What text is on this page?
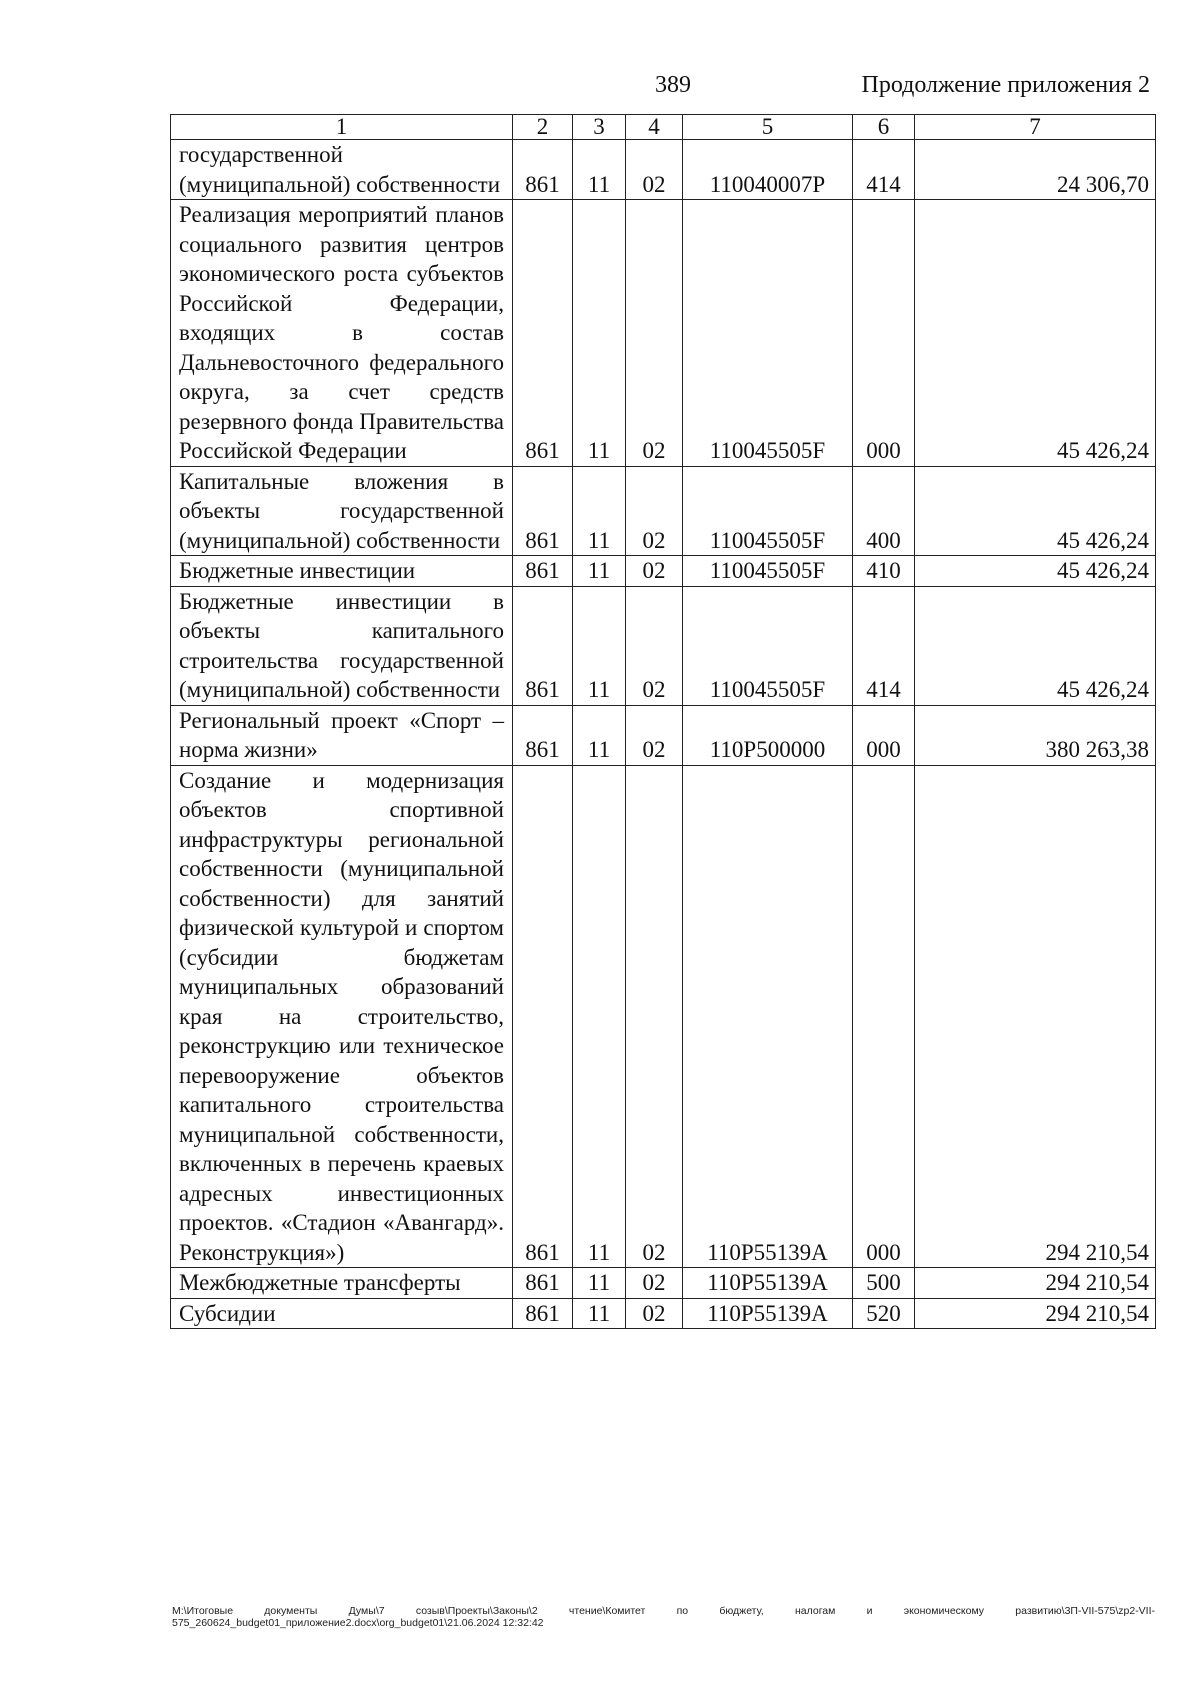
389	Продолжение приложения 2
1	2	3	4	5	6	7
государственной (муниципальной) собственности	861	11	02	110040007P	414	24 306,70
Реализация мероприятий планов социального развития центров экономического роста субъектов Российской Федерации, входящих в состав Дальневосточного федерального округа, за счет средств резервного фонда Правительства Российской Федерации	861	11	02	110045505F	000	45 426,24
Капитальные вложения в объекты государственной (муниципальной) собственности	861	11	02	110045505F	400	45 426,24
Бюджетные инвестиции	861	11	02	110045505F	410	45 426,24
Бюджетные инвестиции в объекты капитального строительства государственной (муниципальной) собственности	861	11	02	110045505F	414	45 426,24
Региональный проект «Спорт – норма жизни»	861	11	02	110P500000	000	380 263,38
Создание и модернизация объектов спортивной инфраструктуры региональной собственности (муниципальной собственности) для занятий физической культурой и спортом (субсидии бюджетам муниципальных образований края на строительство, реконструкцию или техническое перевооружение объектов капитального строительства муниципальной собственности, включенных в перечень краевых адресных инвестиционных проектов. «Стадион «Авангард». Реконструкция»)	861	11	02	110P55139A	000	294 210,54
Межбюджетные трансферты	861	11	02	110P55139A	500	294 210,54
Субсидии	861	11	02	110P55139A	520	294 210,54
M:\Итоговые документы Думы\7 созыв\Проекты\Законы\2 чтение\Комитет по бюджету, налогам и экономическому развитию\3П-VII-575\zp2-VII-575_260624_budget01_приложение2.docx\org_budget01\21.06.2024 12:32:42
